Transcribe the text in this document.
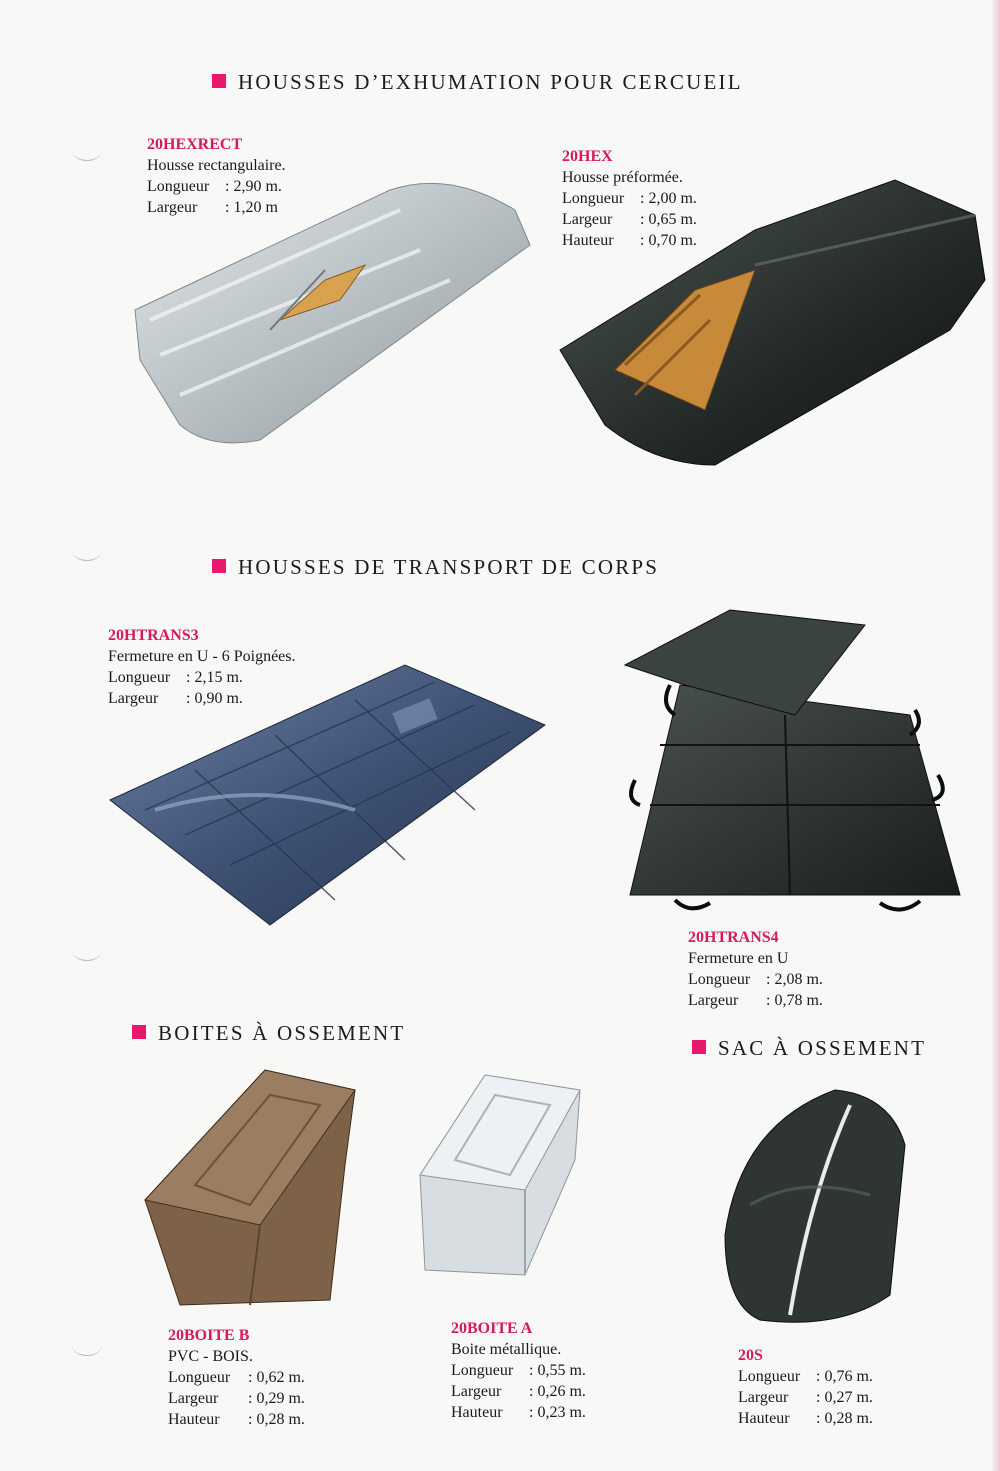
HOUSSES D’EXHUMATION POUR CERCUEIL
HOUSSES DE TRANSPORT DE CORPS
BOITES À OSSEMENT
SAC À OSSEMENT
20HEXRECT
Housse rectangulaire.
Longueur : 2,90 m.
Largeur	: 1,20 m
20HEX
Housse préformée.
Longueur : 2,00 m.
Largeur	: 0,65 m.
Hauteur	: 0,70 m.
20HTRANS3
Fermeture en U - 6 Poignées.
Longueur : 2,15 m.
Largeur	: 0,90 m.
20HTRANS4
Fermeture en U
Longueur : 2,08 m.
Largeur	: 0,78 m.
20BOITE B
PVC - BOIS.
Longueur	: 0,62 m.
Largeur	: 0,29 m.
Hauteur	: 0,28 m.
20BOITE A
Boite métallique.
Longueur : 0,55 m.
Largeur	: 0,26 m.
Hauteur	: 0,23 m.
20S
Longueur : 0,76 m.
Largeur	: 0,27 m.
Hauteur	: 0,28 m.
